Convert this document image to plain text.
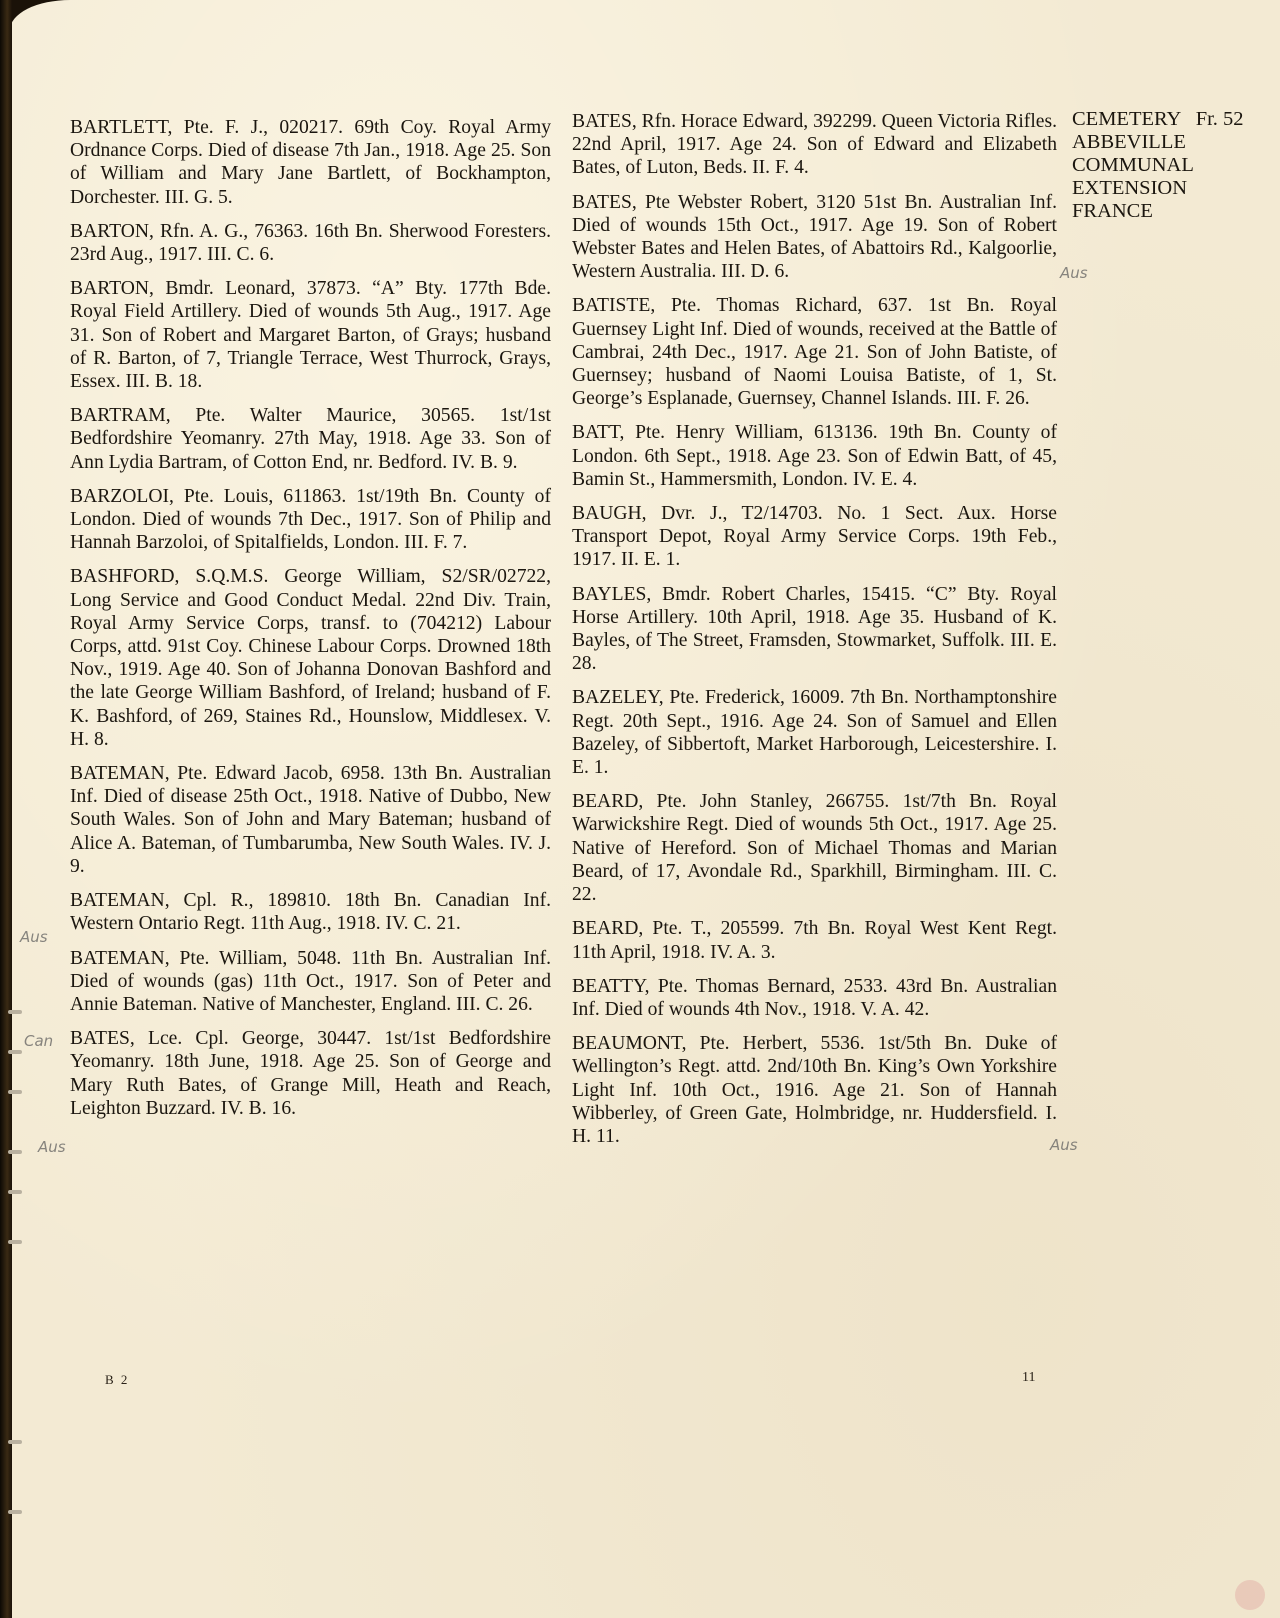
CEMETERY Fr. 52
ABBEVILLE
COMMUNAL
EXTENSION
FRANCE

BARTLETT, Pte. F. J., 020217. 69th Coy. Royal Army Ordnance Corps. Died of disease 7th Jan., 1918. Age 25. Son of William and Mary Jane Bartlett, of Bockhampton, Dorchester. III. G. 5.

BARTON, Rfn. A. G., 76363. 16th Bn. Sherwood Foresters. 23rd Aug., 1917. III. C. 6.

BARTON, Bmdr. Leonard, 37873. “A” Bty. 177th Bde. Royal Field Artillery. Died of wounds 5th Aug., 1917. Age 31. Son of Robert and Margaret Barton, of Grays; husband of R. Barton, of 7, Triangle Terrace, West Thurrock, Grays, Essex. III. B. 18.

BARTRAM, Pte. Walter Maurice, 30565. 1st/1st Bedfordshire Yeomanry. 27th May, 1918. Age 33. Son of Ann Lydia Bartram, of Cotton End, nr. Bedford. IV. B. 9.

BARZOLOI, Pte. Louis, 611863. 1st/19th Bn. County of London. Died of wounds 7th Dec., 1917. Son of Philip and Hannah Barzoloi, of Spitalfields, London. III. F. 7.

BASHFORD, S.Q.M.S. George William, S2/SR/02722, Long Service and Good Conduct Medal. 22nd Div. Train, Royal Army Service Corps, transf. to (704212) Labour Corps, attd. 91st Coy. Chinese Labour Corps. Drowned 18th Nov., 1919. Age 40. Son of Johanna Donovan Bashford and the late George William Bashford, of Ireland; husband of F. K. Bashford, of 269, Staines Rd., Hounslow, Middlesex. V. H. 8.

BATEMAN, Pte. Edward Jacob, 6958. 13th Bn. Australian Inf. Died of disease 25th Oct., 1918. Native of Dubbo, New South Wales. Son of John and Mary Bateman; husband of Alice A. Bateman, of Tumbarumba, New South Wales. IV. J. 9.

BATEMAN, Cpl. R., 189810. 18th Bn. Canadian Inf. Western Ontario Regt. 11th Aug., 1918. IV. C. 21.

BATEMAN, Pte. William, 5048. 11th Bn. Australian Inf. Died of wounds (gas) 11th Oct., 1917. Son of Peter and Annie Bateman. Native of Manchester, England. III. C. 26.

BATES, Lce. Cpl. George, 30447. 1st/1st Bedfordshire Yeomanry. 18th June, 1918. Age 25. Son of George and Mary Ruth Bates, of Grange Mill, Heath and Reach, Leighton Buzzard. IV. B. 16.

BATES, Rfn. Horace Edward, 392299. Queen Victoria Rifles. 22nd April, 1917. Age 24. Son of Edward and Elizabeth Bates, of Luton, Beds. II. F. 4.

BATES, Pte Webster Robert, 3120 51st Bn. Australian Inf. Died of wounds 15th Oct., 1917. Age 19. Son of Robert Webster Bates and Helen Bates, of Abattoirs Rd., Kalgoorlie, Western Australia. III. D. 6.

BATISTE, Pte. Thomas Richard, 637. 1st Bn. Royal Guernsey Light Inf. Died of wounds, received at the Battle of Cambrai, 24th Dec., 1917. Age 21. Son of John Batiste, of Guernsey; husband of Naomi Louisa Batiste, of 1, St. George’s Esplanade, Guernsey, Channel Islands. III. F. 26.

BATT, Pte. Henry William, 613136. 19th Bn. County of London. 6th Sept., 1918. Age 23. Son of Edwin Batt, of 45, Bamin St., Hammersmith, London. IV. E. 4.

BAUGH, Dvr. J., T2/14703. No. 1 Sect. Aux. Horse Transport Depot, Royal Army Service Corps. 19th Feb., 1917. II. E. 1.

BAYLES, Bmdr. Robert Charles, 15415. “C” Bty. Royal Horse Artillery. 10th April, 1918. Age 35. Husband of K. Bayles, of The Street, Framsden, Stowmarket, Suffolk. III. E. 28.

BAZELEY, Pte. Frederick, 16009. 7th Bn. Northamptonshire Regt. 20th Sept., 1916. Age 24. Son of Samuel and Ellen Bazeley, of Sibbertoft, Market Harborough, Leicestershire. I. E. 1.

BEARD, Pte. John Stanley, 266755. 1st/7th Bn. Royal Warwickshire Regt. Died of wounds 5th Oct., 1917. Age 25. Native of Hereford. Son of Michael Thomas and Marian Beard, of 17, Avondale Rd., Sparkhill, Birmingham. III. C. 22.

BEARD, Pte. T., 205599. 7th Bn. Royal West Kent Regt. 11th April, 1918. IV. A. 3.

BEATTY, Pte. Thomas Bernard, 2533. 43rd Bn. Australian Inf. Died of wounds 4th Nov., 1918. V. A. 42.

BEAUMONT, Pte. Herbert, 5536. 1st/5th Bn. Duke of Wellington’s Regt. attd. 2nd/10th Bn. King’s Own Yorkshire Light Inf. 10th Oct., 1916. Age 21. Son of Hannah Wibberley, of Green Gate, Holmbridge, nr. Huddersfield. I. H. 11.

Aus
Aus
Can
Aus	Aus
B 2	11
